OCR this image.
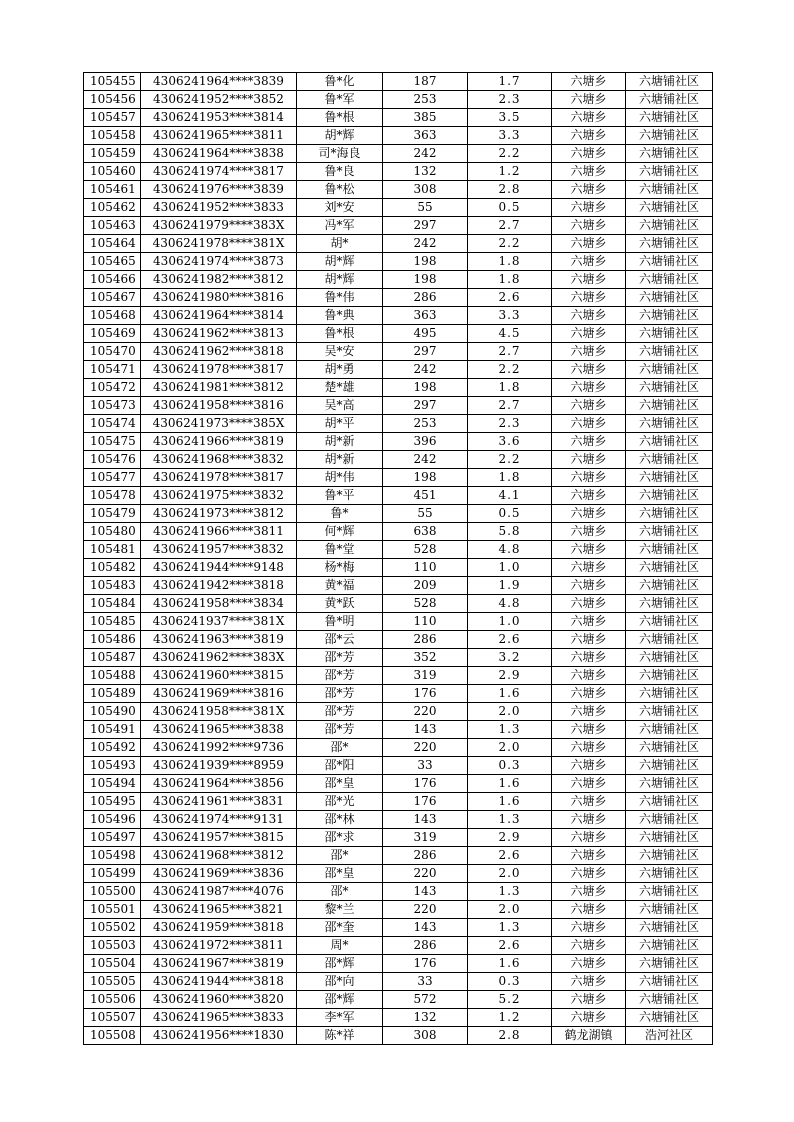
105455	4306241964****3839	鲁*化	187	1.7	六塘乡	六塘铺社区
105456	4306241952****3852	鲁*军	253	2.3	六塘乡	六塘铺社区
105457	4306241953****3814	鲁*根	385	3.5	六塘乡	六塘铺社区
105458	4306241965****3811	胡*辉	363	3.3	六塘乡	六塘铺社区
105459	4306241964****3838	司*海良	242	2.2	六塘乡	六塘铺社区
105460	4306241974****3817	鲁*良	132	1.2	六塘乡	六塘铺社区
105461	4306241976****3839	鲁*松	308	2.8	六塘乡	六塘铺社区
105462	4306241952****3833	刘*安	55	0.5	六塘乡	六塘铺社区
105463	4306241979****383X	冯*军	297	2.7	六塘乡	六塘铺社区
105464	4306241978****381X	胡*	242	2.2	六塘乡	六塘铺社区
105465	4306241974****3873	胡*辉	198	1.8	六塘乡	六塘铺社区
105466	4306241982****3812	胡*辉	198	1.8	六塘乡	六塘铺社区
105467	4306241980****3816	鲁*伟	286	2.6	六塘乡	六塘铺社区
105468	4306241964****3814	鲁*典	363	3.3	六塘乡	六塘铺社区
105469	4306241962****3813	鲁*根	495	4.5	六塘乡	六塘铺社区
105470	4306241962****3818	吴*安	297	2.7	六塘乡	六塘铺社区
105471	4306241978****3817	胡*勇	242	2.2	六塘乡	六塘铺社区
105472	4306241981****3812	楚*雄	198	1.8	六塘乡	六塘铺社区
105473	4306241958****3816	吴*高	297	2.7	六塘乡	六塘铺社区
105474	4306241973****385X	胡*平	253	2.3	六塘乡	六塘铺社区
105475	4306241966****3819	胡*新	396	3.6	六塘乡	六塘铺社区
105476	4306241968****3832	胡*新	242	2.2	六塘乡	六塘铺社区
105477	4306241978****3817	胡*伟	198	1.8	六塘乡	六塘铺社区
105478	4306241975****3832	鲁*平	451	4.1	六塘乡	六塘铺社区
105479	4306241973****3812	鲁*	55	0.5	六塘乡	六塘铺社区
105480	4306241966****3811	何*辉	638	5.8	六塘乡	六塘铺社区
105481	4306241957****3832	鲁*堂	528	4.8	六塘乡	六塘铺社区
105482	4306241944****9148	杨*梅	110	1.0	六塘乡	六塘铺社区
105483	4306241942****3818	黄*福	209	1.9	六塘乡	六塘铺社区
105484	4306241958****3834	黄*跃	528	4.8	六塘乡	六塘铺社区
105485	4306241937****381X	鲁*明	110	1.0	六塘乡	六塘铺社区
105486	4306241963****3819	邵*云	286	2.6	六塘乡	六塘铺社区
105487	4306241962****383X	邵*芳	352	3.2	六塘乡	六塘铺社区
105488	4306241960****3815	邵*芳	319	2.9	六塘乡	六塘铺社区
105489	4306241969****3816	邵*芳	176	1.6	六塘乡	六塘铺社区
105490	4306241958****381X	邵*芳	220	2.0	六塘乡	六塘铺社区
105491	4306241965****3838	邵*芳	143	1.3	六塘乡	六塘铺社区
105492	4306241992****9736	邵*	220	2.0	六塘乡	六塘铺社区
105493	4306241939****8959	邵*阳	33	0.3	六塘乡	六塘铺社区
105494	4306241964****3856	邵*皇	176	1.6	六塘乡	六塘铺社区
105495	4306241961****3831	邵*光	176	1.6	六塘乡	六塘铺社区
105496	4306241974****9131	邵*林	143	1.3	六塘乡	六塘铺社区
105497	4306241957****3815	邵*求	319	2.9	六塘乡	六塘铺社区
105498	4306241968****3812	邵*	286	2.6	六塘乡	六塘铺社区
105499	4306241969****3836	邵*皇	220	2.0	六塘乡	六塘铺社区
105500	4306241987****4076	邵*	143	1.3	六塘乡	六塘铺社区
105501	4306241965****3821	黎*兰	220	2.0	六塘乡	六塘铺社区
105502	4306241959****3818	邵*奎	143	1.3	六塘乡	六塘铺社区
105503	4306241972****3811	周*	286	2.6	六塘乡	六塘铺社区
105504	4306241967****3819	邵*辉	176	1.6	六塘乡	六塘铺社区
105505	4306241944****3818	邵*向	33	0.3	六塘乡	六塘铺社区
105506	4306241960****3820	邵*辉	572	5.2	六塘乡	六塘铺社区
105507	4306241965****3833	李*军	132	1.2	六塘乡	六塘铺社区
105508	4306241956****1830	陈*祥	308	2.8	鹤龙湖镇	浩河社区
